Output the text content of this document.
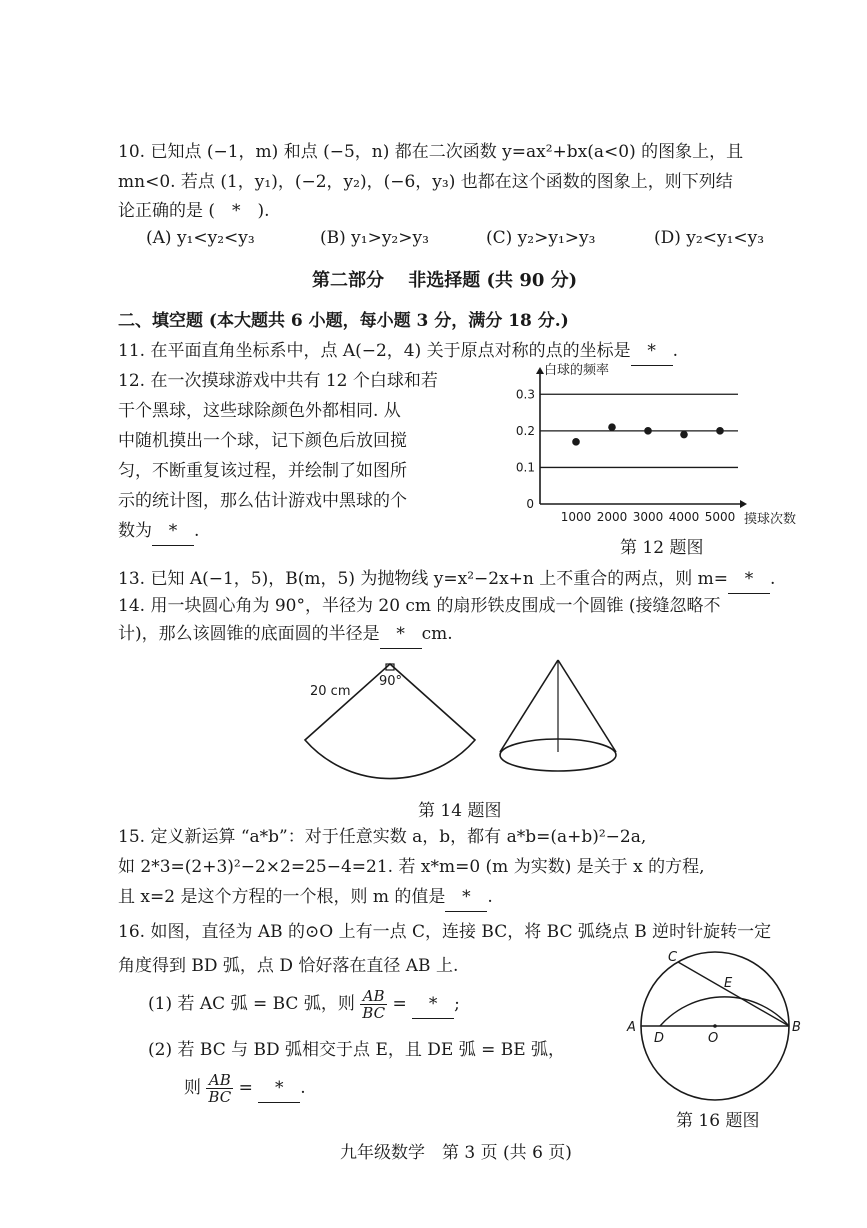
10. 已知点 (−1，m) 和点 (−5，n) 都在二次函数 y=ax²+bx(a<0) 的图象上，且
mn<0. 若点 (1，y₁)，(−2，y₂)，(−6，y₃) 也都在这个函数的图象上，则下列结
论正确的是 (　*　).
(A) y₁<y₂<y₃	(B) y₁>y₂>y₃	(C) y₂>y₁>y₃	(D) y₂<y₁<y₃
第二部分　 非选择题 (共 90 分)
二、填空题 (本大题共 6 小题，每小题 3 分，满分 18 分.)
11. 在平面直角坐标系中，点 A(−2，4) 关于原点对称的点的坐标是 * .
12. 在一次摸球游戏中共有 12 个白球和若
干个黑球，这些球除颜色外都相同. 从
中随机摸出一个球，记下颜色后放回搅
匀，不断重复该过程，并绘制了如图所
示的统计图，那么估计游戏中黑球的个
数为 * .
0.1
0.2
0.3
0
1000 2000 3000 4000 5000
白球的频率
摸球次数
第 12 题图
13. 已知 A(−1，5)，B(m，5) 为抛物线 y=x²−2x+n 上不重合的两点，则 m= * .
14. 用一块圆心角为 90°，半径为 20 cm 的扇形铁皮围成一个圆锥 (接缝忽略不
计)，那么该圆锥的底面圆的半径是 * cm.
20 cm
90°
第 14 题图
15. 定义新运算 “a*b”：对于任意实数 a，b，都有 a*b=(a+b)²−2a,
如 2*3=(2+3)²−2×2=25−4=21. 若 x*m=0 (m 为实数) 是关于 x 的方程,
且 x=2 是这个方程的一个根，则 m 的值是 * .
16. 如图，直径为 AB 的⊙O 上有一点 C，连接 BC，将 BC 弧绕点 B 逆时针旋转一定
角度得到 BD 弧，点 D 恰好落在直径 AB 上.
(1) 若 AC 弧 = BC 弧，则 $\frac{AB}{BC}$ = * ;
(2) 若 BC 与 BD 弧相交于点 E，且 DE 弧 = BE 弧，
则 $\frac{AB}{BC}$ = * .
C
E
A	B
D	O
第 16 题图
九年级数学　第 3 页 (共 6 页)
